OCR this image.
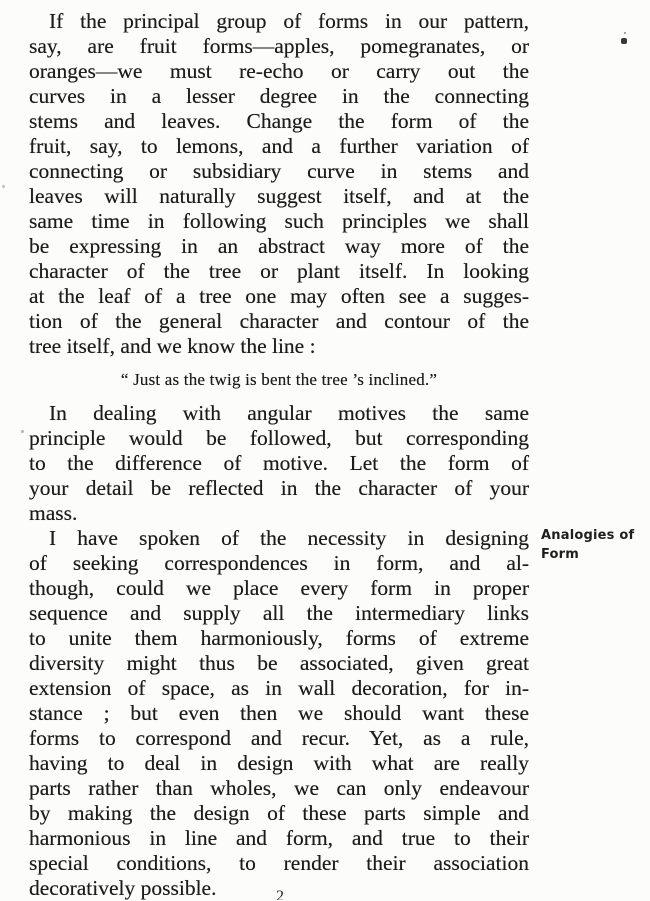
If the principal group of forms in our pattern,
say, are fruit forms—apples, pomegranates, or
oranges—we must re-echo or carry out the
curves in a lesser degree in the connecting
stems and leaves. Change the form of the
fruit, say, to lemons, and a further variation of
connecting or subsidiary curve in stems and
leaves will naturally suggest itself, and at the
same time in following such principles we shall
be expressing in an abstract way more of the
character of the tree or plant itself. In looking
at the leaf of a tree one may often see a sugges-
tion of the general character and contour of the
tree itself, and we know the line :
“ Just as the twig is bent the tree ’s inclined.”
In dealing with angular motives the same
principle would be followed, but corresponding
to the difference of motive. Let the form of
your detail be reflected in the character of your
mass.
I have spoken of the necessity in designing
of seeking correspondences in form, and al-
though, could we place every form in proper
sequence and supply all the intermediary links
to unite them harmoniously, forms of extreme
diversity might thus be associated, given great
extension of space, as in wall decoration, for in-
stance ; but even then we should want these
forms to correspond and recur. Yet, as a rule,
having to deal in design with what are really
parts rather than wholes, we can only endeavour
by making the design of these parts simple and
harmonious in line and form, and true to their
special conditions, to render their association
decoratively possible.
Analogies of Form
2
